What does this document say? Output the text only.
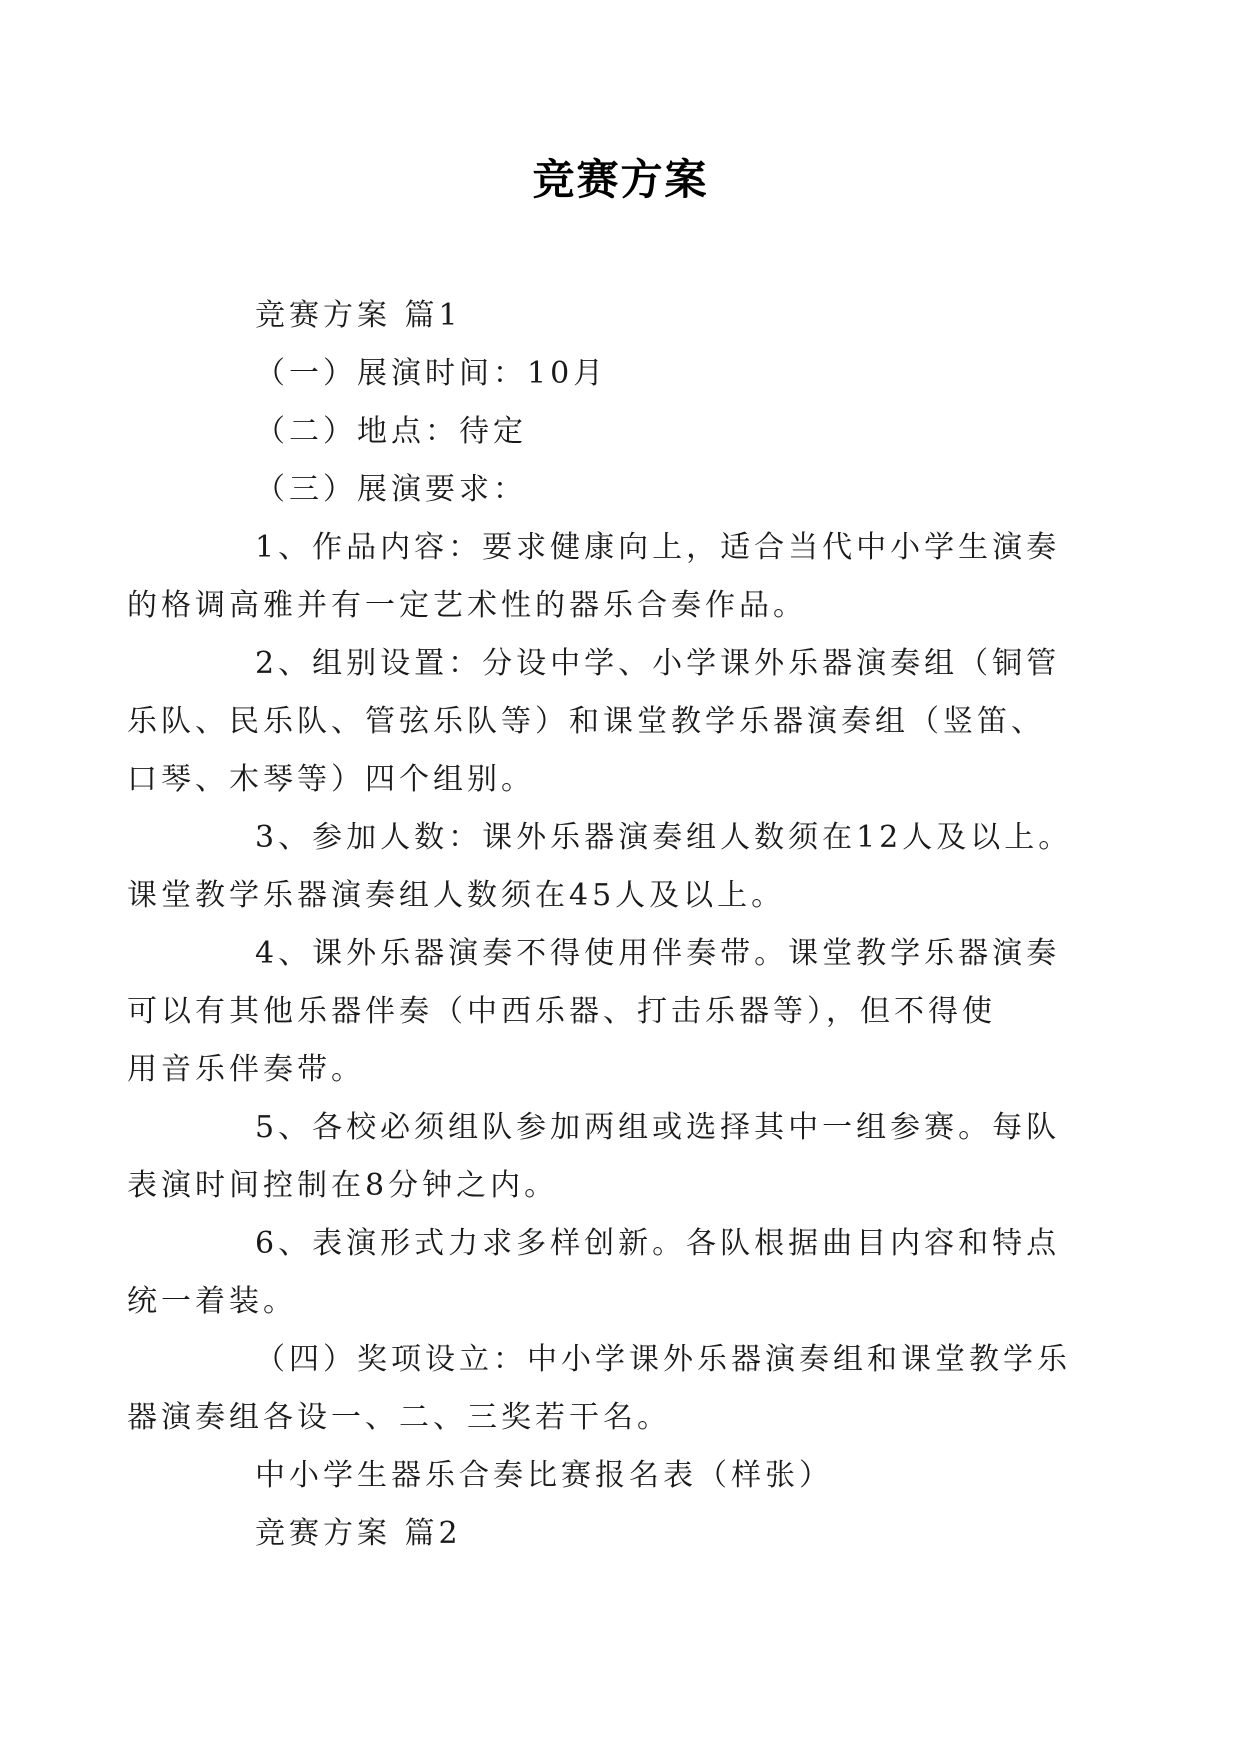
竞赛方案

竞赛方案 篇1

（一）展演时间：10月

（二）地点：待定

（三）展演要求：

1、作品内容：要求健康向上，适合当代中小学生演奏
的格调高雅并有一定艺术性的器乐合奏作品。

2、组别设置：分设中学、小学课外乐器演奏组（铜管
乐队、民乐队、管弦乐队等）和课堂教学乐器演奏组（竖笛、
口琴、木琴等）四个组别。

3、参加人数：课外乐器演奏组人数须在12人及以上。
课堂教学乐器演奏组人数须在45人及以上。

4、课外乐器演奏不得使用伴奏带。课堂教学乐器演奏
可以有其他乐器伴奏（中西乐器、打击乐器等），但不得使
用音乐伴奏带。

5、各校必须组队参加两组或选择其中一组参赛。每队
表演时间控制在8分钟之内。

6、表演形式力求多样创新。各队根据曲目内容和特点
统一着装。

（四）奖项设立：中小学课外乐器演奏组和课堂教学乐
器演奏组各设一、二、三奖若干名。

中小学生器乐合奏比赛报名表（样张）

竞赛方案 篇2
